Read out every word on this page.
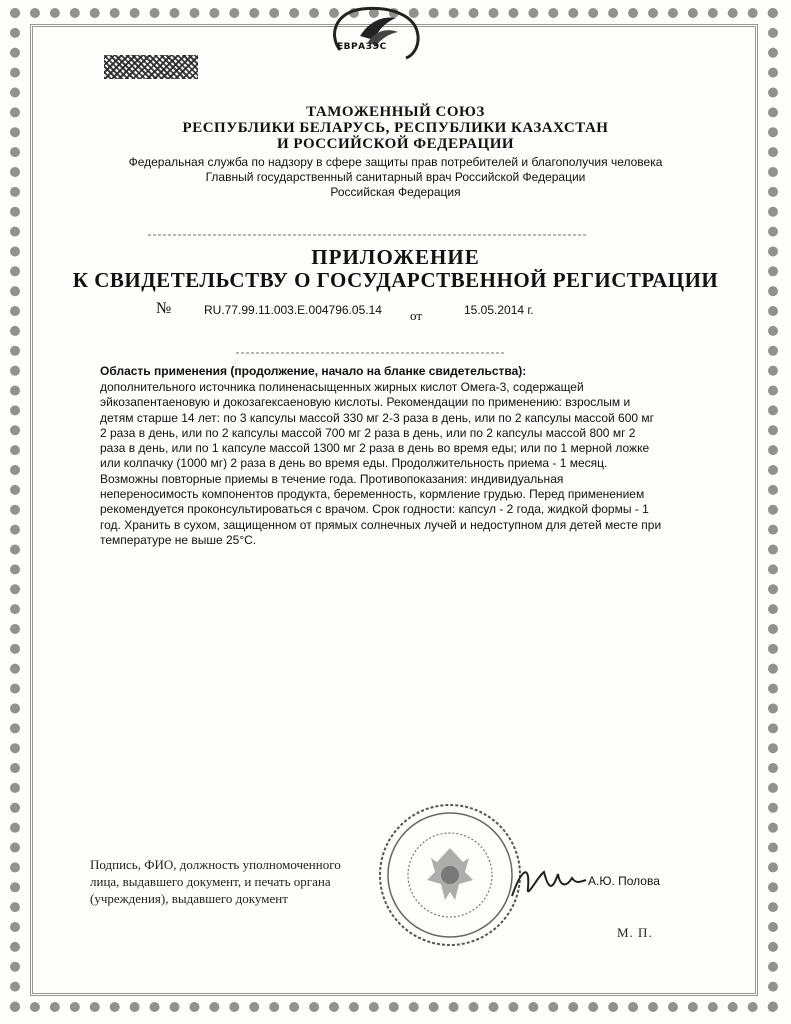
ЕВРАЗЭС
ТАМОЖЕННЫЙ СОЮЗ
РЕСПУБЛИКИ БЕЛАРУСЬ, РЕСПУБЛИКИ КАЗАХСТАН
И РОССИЙСКОЙ ФЕДЕРАЦИИ
Федеральная служба по надзору в сфере защиты прав потребителей и благополучия человека
Главный государственный санитарный врач Российской Федерации
Российская Федерация
ПРИЛОЖЕНИЕ
К СВИДЕТЕЛЬСТВУ О ГОСУДАРСТВЕННОЙ РЕГИСТРАЦИИ
№	RU.77.99.11.003.E.004796.05.14 от	15.05.2014 г.
Область применения (продолжение, начало на бланке свидетельства):
дополнительного источника полиненасыщенных жирных кислот Омега-3, содержащей эйкозапентаеновую и докозагексаеновую кислоты. Рекомендации по применению: взрослым и детям старше 14 лет: по 3 капсулы массой 330 мг 2-3 раза в день, или по 2 капсулы массой 600 мг 2 раза в день, или по 2 капсулы массой 700 мг 2 раза в день, или по 2 капсулы массой 800 мг 2 раза в день, или по 1 капсуле массой 1300 мг 2 раза в день во время еды; или по 1 мерной ложке или колпачку (1000 мг) 2 раза в день во время еды. Продолжительность приема - 1 месяц. Возможны повторные приемы в течение года. Противопоказания: индивидуальная непереносимость компонентов продукта, беременность, кормление грудью. Перед применением рекомендуется проконсультироваться с врачом. Срок годности: капсул - 2 года, жидкой формы - 1 год. Хранить в сухом, защищенном от прямых солнечных лучей и недоступном для детей месте при температуре не выше 25°С.
Подпись, ФИО, должность уполномоченного
лица, выдавшего документ, и печать органа
(учреждения), выдавшего документ
А.Ю. Полова
М. П.
